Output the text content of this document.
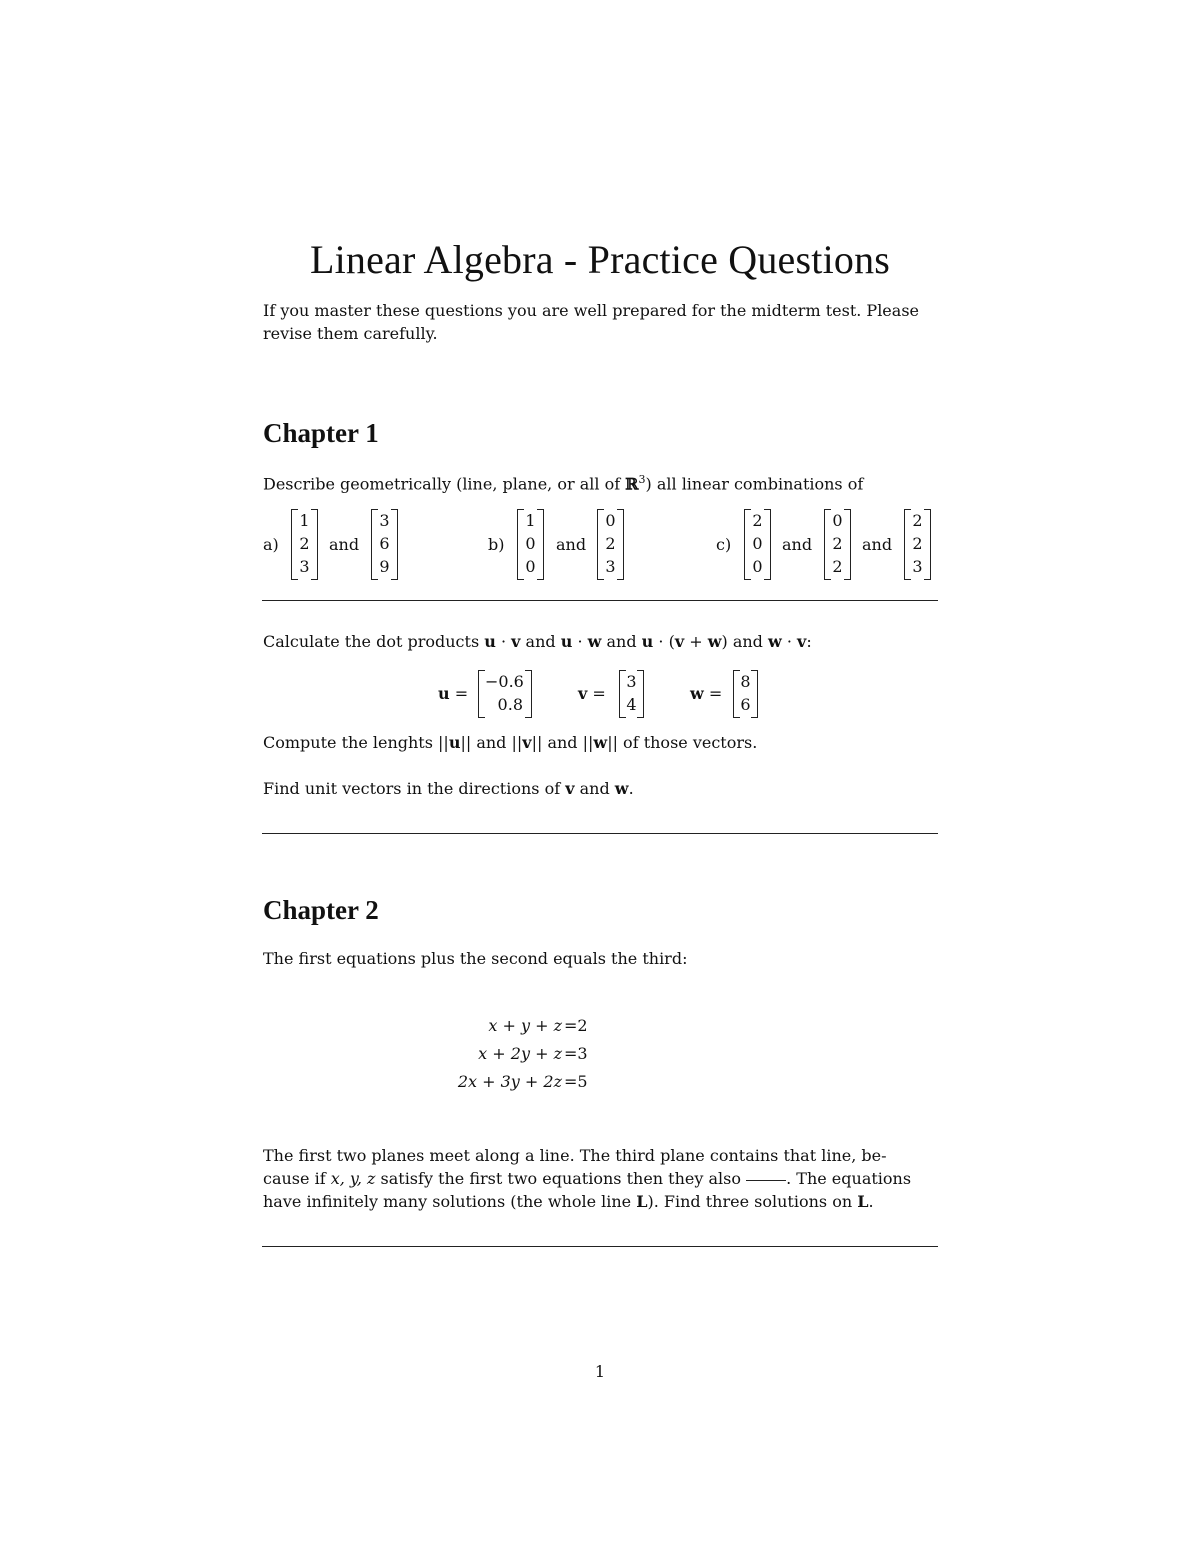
Linear Algebra - Practice Questions

If you master these questions you are well prepared for the midterm test. Please revise them carefully.

Chapter 1

Describe geometrically (line, plane, or all of ℝ$^3$) all linear combinations of

a)
1
2
3
and
3
6
9
b)
1
0
0
and
0
2
3
c)
2
0
0
and
0
2
2
and
2
2
3

Calculate the dot products u · v and u · w and u · (v + w) and w · v:

u =
−0.6
0.8
v =
3
4
w =
8
6

Compute the lenghts ||u|| and ||v|| and ||w|| of those vectors.

Find unit vectors in the directions of v and w.

Chapter 2

The first equations plus the second equals the third:

x + y + z =2
x + 2y + z =3
2x + 3y + 2z =5
The first two planes meet along a line. The third plane contains that line, be-
cause if x, y, z satisfy the first two equations then they also	. The equations
have infinitely many solutions (the whole line L). Find three solutions on L.
1
